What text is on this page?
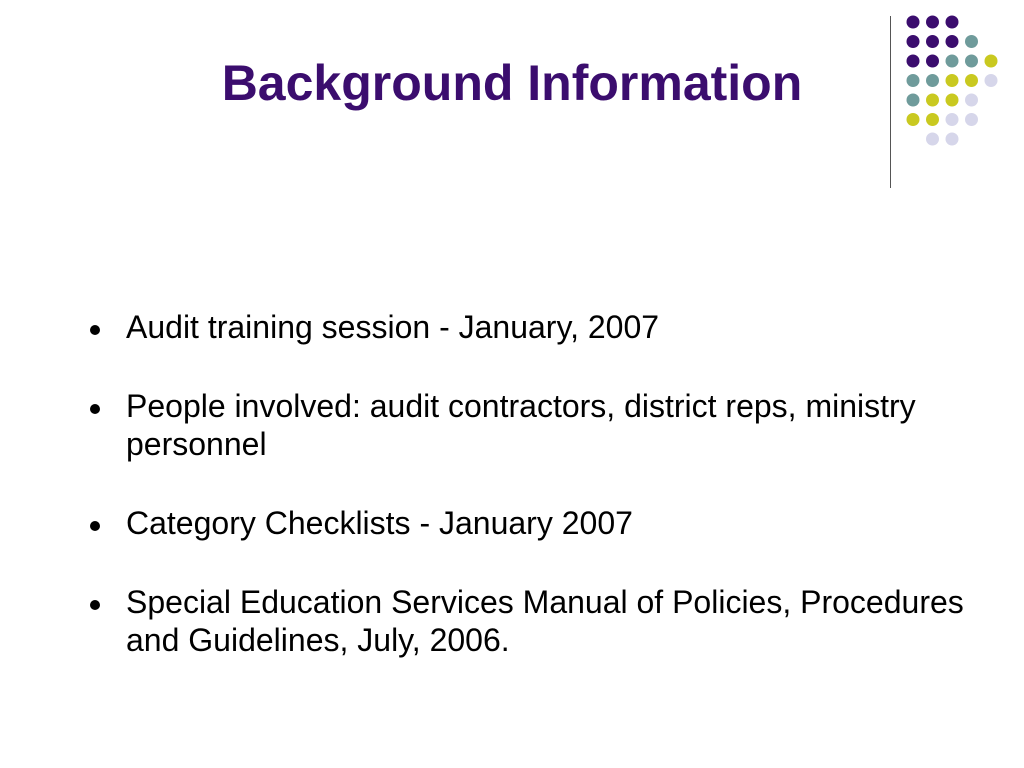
Background Information
Audit training session - January, 2007
People involved: audit contractors, district reps, ministry personnel
Category Checklists - January 2007
Special Education Services Manual of Policies, Procedures and Guidelines, July, 2006.
